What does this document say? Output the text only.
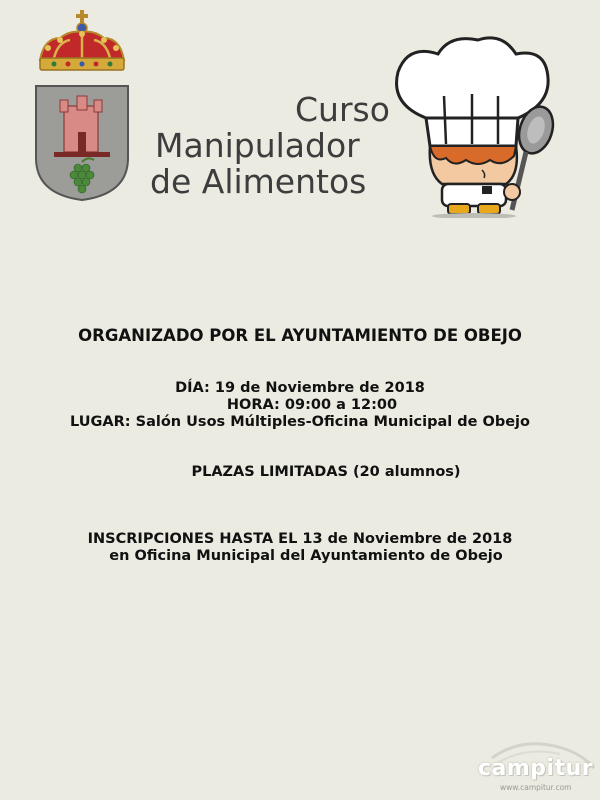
Curso
Manipulador
de Alimentos
ORGANIZADO POR EL AYUNTAMIENTO DE OBEJO
DÍA: 19 de Noviembre de 2018
HORA: 09:00 a 12:00
LUGAR: Salón Usos Múltiples-Oficina Municipal de Obejo
PLAZAS LIMITADAS (20 alumnos)
INSCRIPCIONES HASTA EL 13 de Noviembre de 2018
en Oficina Municipal del Ayuntamiento de Obejo
campitur
www.campitur.com
